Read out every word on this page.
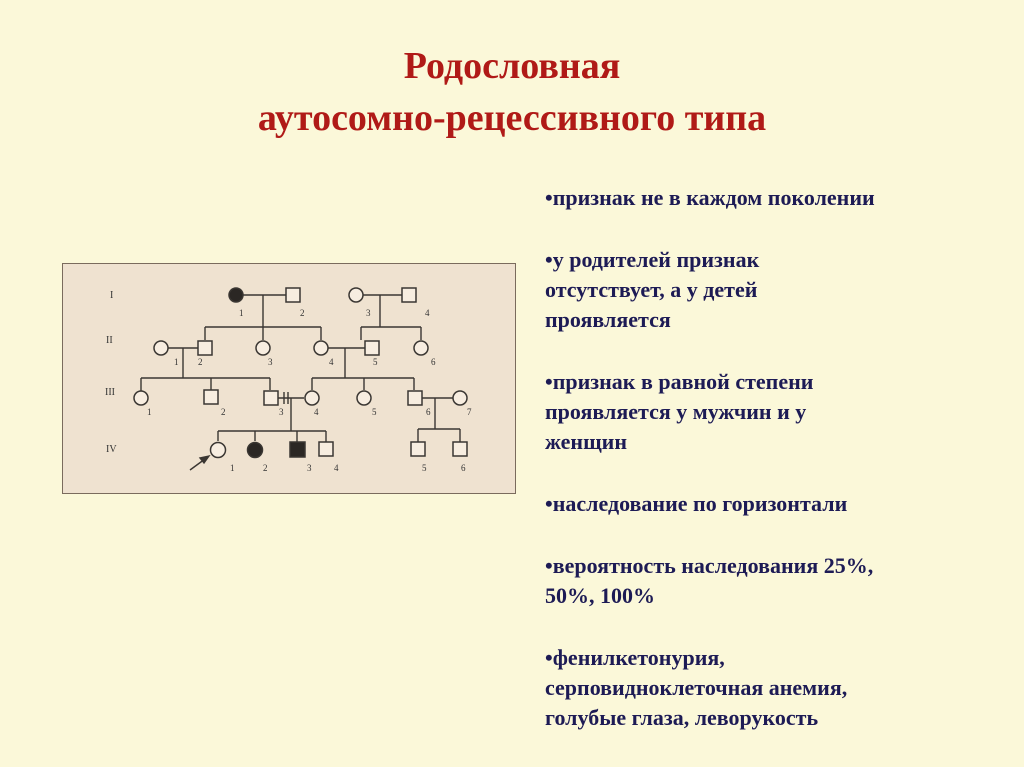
Родословная
аутосомно-рецессивного типа
I
II
III
IV
1	2	3	4
1 2	3	4	5	6
1	2	3	4	5	6	7
1	2	3	4	5	6
•признак не в каждом поколении
•у родителей признак
отсутствует, а у детей
проявляется
•признак в равной степени
проявляется у мужчин и у
женщин
•наследование по горизонтали
•вероятность наследования 25%,
50%, 100%
•фенилкетонурия,
серповидноклеточная анемия,
голубые глаза, леворукость
